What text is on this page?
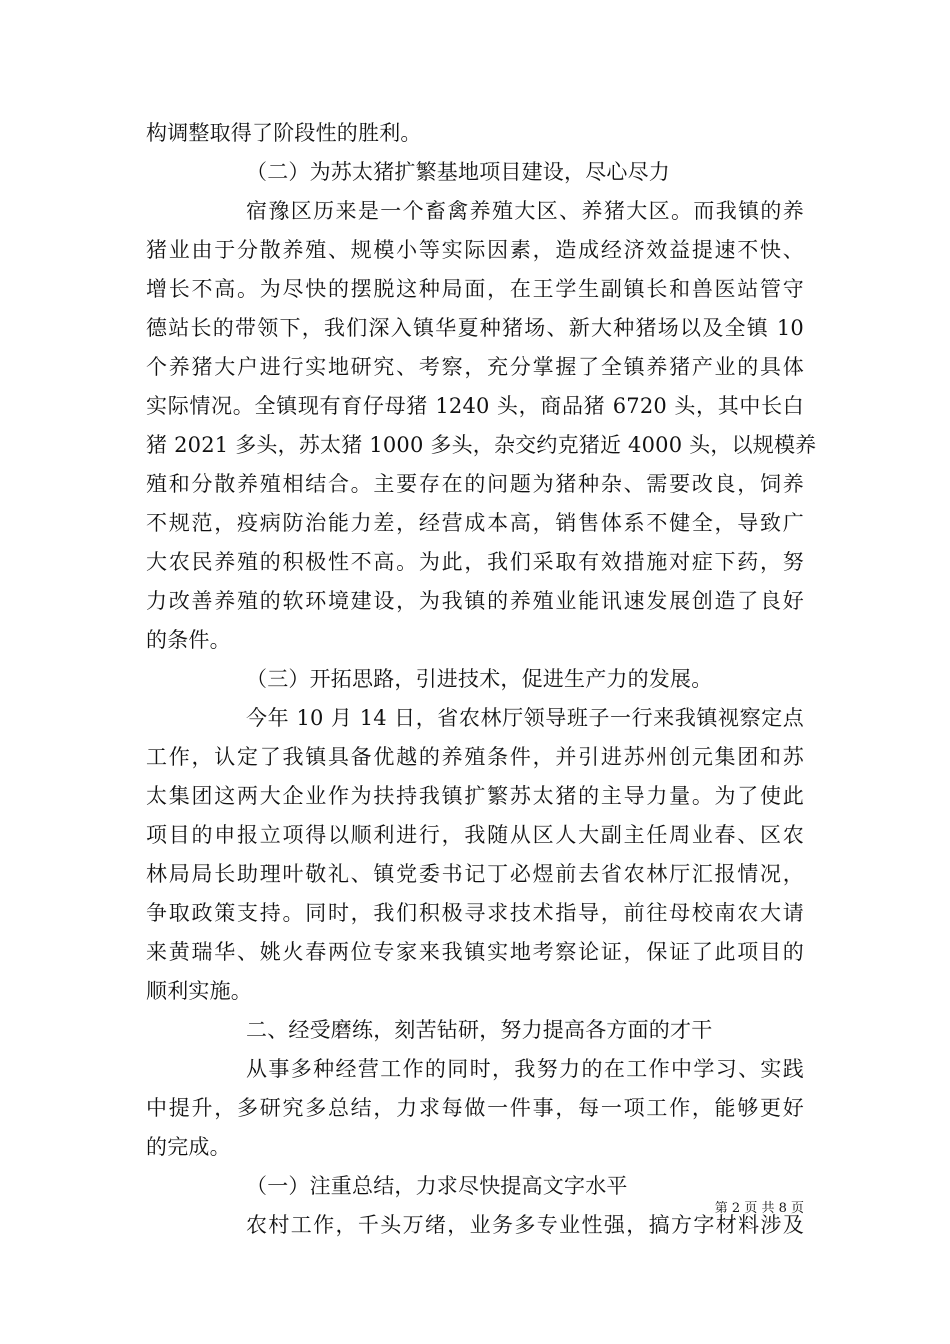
构调整取得了阶段性的胜利。
（二）为苏太猪扩繁基地项目建设，尽心尽力
宿豫区历来是一个畜禽养殖大区、养猪大区。而我镇的养
猪业由于分散养殖、规模小等实际因素，造成经济效益提速不快、
增长不高。为尽快的摆脱这种局面，在王学生副镇长和兽医站管守
德站长的带领下，我们深入镇华夏种猪场、新大种猪场以及全镇 10
个养猪大户进行实地研究、考察，充分掌握了全镇养猪产业的具体
实际情况。全镇现有育仔母猪 1240 头，商品猪 6720 头，其中长白
猪 2021 多头，苏太猪 1000 多头，杂交约克猪近 4000 头，以规模养
殖和分散养殖相结合。主要存在的问题为猪种杂、需要改良，饲养
不规范，疫病防治能力差，经营成本高，销售体系不健全，导致广
大农民养殖的积极性不高。为此，我们采取有效措施对症下药，努
力改善养殖的软环境建设，为我镇的养殖业能讯速发展创造了良好
的条件。
（三）开拓思路，引进技术，促进生产力的发展。
今年 10 月 14 日，省农林厅领导班子一行来我镇视察定点
工作，认定了我镇具备优越的养殖条件，并引进苏州创元集团和苏
太集团这两大企业作为扶持我镇扩繁苏太猪的主导力量。为了使此
项目的申报立项得以顺利进行，我随从区人大副主任周业春、区农
林局局长助理叶敬礼、镇党委书记丁必煜前去省农林厅汇报情况，
争取政策支持。同时，我们积极寻求技术指导，前往母校南农大请
来黄瑞华、姚火春两位专家来我镇实地考察论证，保证了此项目的
顺利实施。
二、经受磨练，刻苦钻研，努力提高各方面的才干
从事多种经营工作的同时，我努力的在工作中学习、实践
中提升，多研究多总结，力求每做一件事，每一项工作，能够更好
的完成。
（一）注重总结，力求尽快提高文字水平
农村工作，千头万绪，业务多专业性强，搞方字材料涉及
第 2 页 共 8 页
